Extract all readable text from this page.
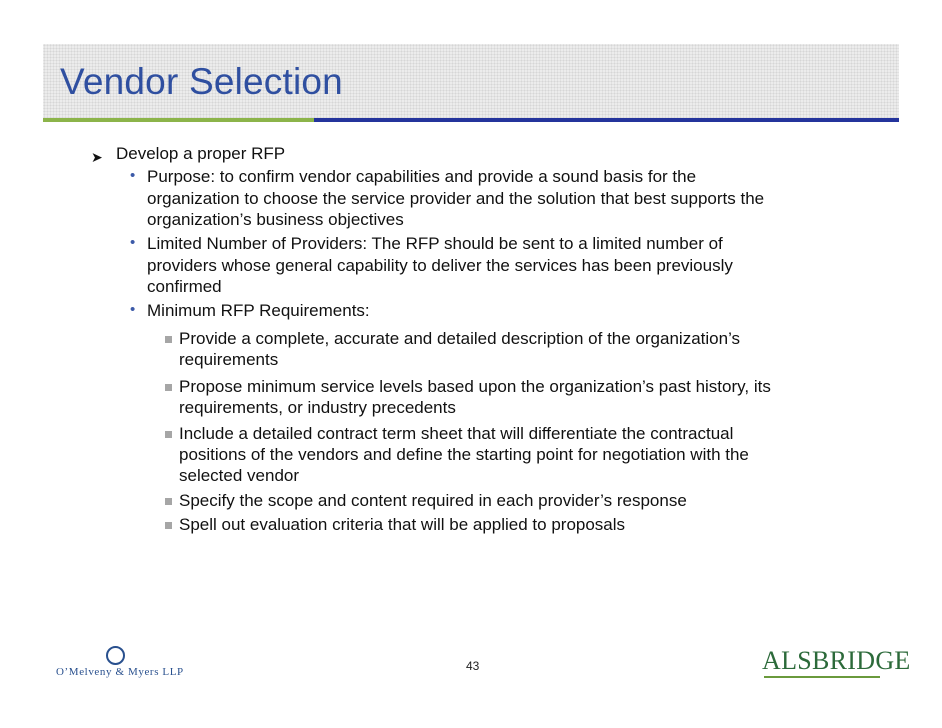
Vendor Selection
➤ Develop a proper RFP
• Purpose: to confirm vendor capabilities and provide a sound basis for the
organization to choose the service provider and the solution that best supports the
organization’s business objectives
• Limited Number of Providers: The RFP should be sent to a limited number of
providers whose general capability to deliver the services has been previously
confirmed
• Minimum RFP Requirements:
Provide a complete, accurate and detailed description of the organization’s
requirements
Propose minimum service levels based upon the organization’s past history, its
requirements, or industry precedents
Include a detailed contract term sheet that will differentiate the contractual
positions of the vendors and define the starting point for negotiation with the
selected vendor
Specify the scope and content required in each provider’s response
Spell out evaluation criteria that will be applied to proposals
O’Melveny & Myers LLP	43	ALSBRIDGE
